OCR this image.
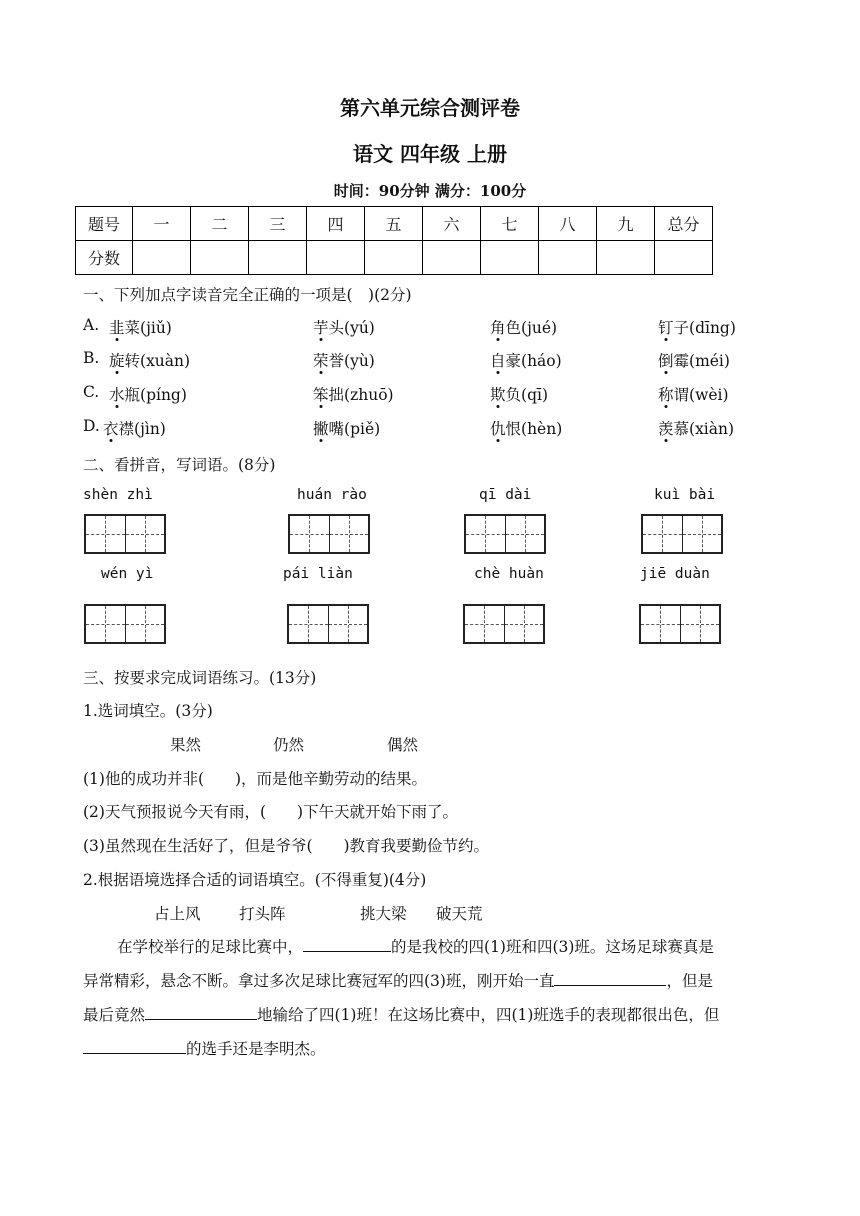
第六单元综合测评卷
语文 四年级 上册
时间：90分钟 满分：100分
题号	一	二	三	四	五	六	七	八	九	总分
分数										
一、下列加点字读音完全正确的一项是(　)(2分)
A. 韭菜(jiǔ)	芋头(yú)	角色(jué)	钉子(dīng)
B. 旋转(xuàn)	荣誉(yù)	自豪(háo)	倒霉(méi)
C. 水瓶(píng)	笨拙(zhuō)	欺负(qī)	称谓(wèi)
D. 衣襟(jìn)	撇嘴(piě)	仇恨(hèn)	羡慕(xiàn)
二、看拼音，写词语。(8分)
shèn zhì	huán rào	qī dài	kuì bài
wén yì	pái liàn	chè huàn	jiē duàn
三、按要求完成词语练习。(13分)
1.选词填空。(3分)
果然	仍然	偶然
(1)他的成功并非(　　)，而是他辛勤劳动的结果。
(2)天气预报说今天有雨，(　　)下午天就开始下雨了。
(3)虽然现在生活好了，但是爷爷(　　)教育我要勤俭节约。
2.根据语境选择合适的词语填空。(不得重复)(4分)
占上风 打头阵	挑大梁 破天荒
在学校举行的足球比赛中，	的是我校的四(1)班和四(3)班。这场足球赛真是
异常精彩，悬念不断。拿过多次足球比赛冠军的四(3)班，刚开始一直	，但是
最后竟然	地输给了四(1)班！在这场比赛中，四(1)班选手的表现都很出色，但
的选手还是李明杰。
